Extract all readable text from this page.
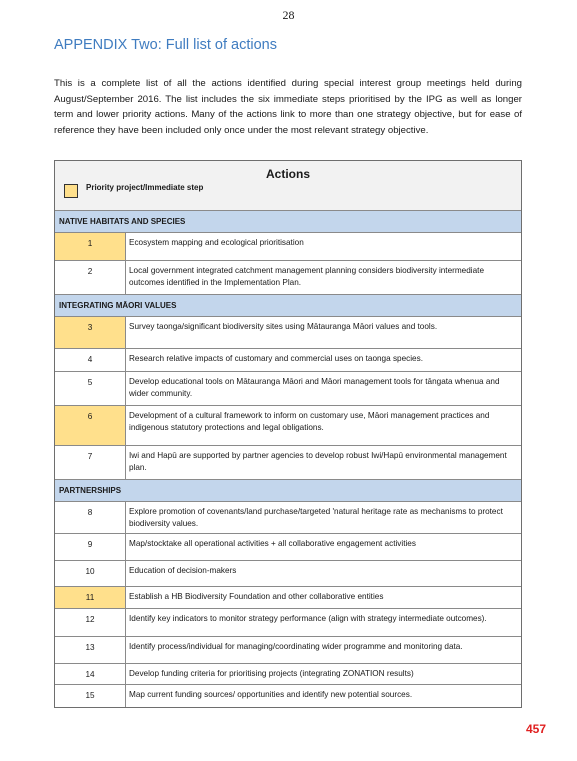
28
APPENDIX Two: Full list of actions
This is a complete list of all the actions identified during special interest group meetings held during August/September 2016. The list includes the six immediate steps prioritised by the IPG as well as longer term and lower priority actions. Many of the actions link to more than one strategy objective, but for ease of reference they have been included only once under the most relevant strategy objective.
Actions
Priority project/Immediate step
NATIVE HABITATS AND SPECIES
1	Ecosystem mapping and ecological prioritisation
2	Local government integrated catchment management planning considers biodiversity intermediate outcomes identified in the Implementation Plan.
INTEGRATING MĀORI VALUES
3	Survey taonga/significant biodiversity sites using Mātauranga Māori values and tools.
4	Research relative impacts of customary and commercial uses on taonga species.
5	Develop educational tools on Mātauranga Māori and Māori management tools for tāngata whenua and wider community.
6	Development of a cultural framework to inform on customary use, Māori management practices and indigenous statutory protections and legal obligations.
7	Iwi and Hapū are supported by partner agencies to develop robust Iwi/Hapū environmental management plan.
PARTNERSHIPS
8	Explore promotion of covenants/land purchase/targeted 'natural heritage rate as mechanisms to protect biodiversity values.
9	Map/stocktake all operational activities + all collaborative engagement activities
10	Education of decision-makers
11	Establish a HB Biodiversity Foundation and other collaborative entities
12	Identify key indicators to monitor strategy performance (align with strategy intermediate outcomes).
13	Identify process/individual for managing/coordinating wider programme and monitoring data.
14	Develop funding criteria for prioritising projects (integrating ZONATION results)
15	Map current funding sources/ opportunities and identify new potential sources.
457
